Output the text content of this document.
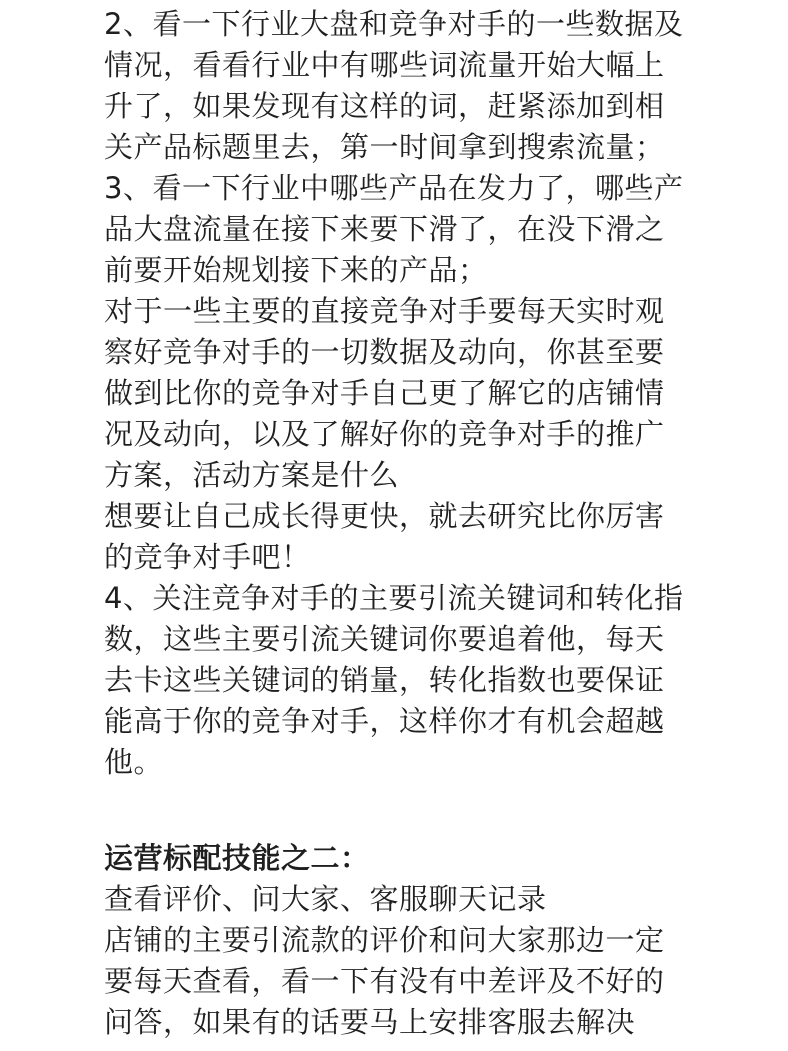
2、看一下行业大盘和竞争对手的一些数据及
情况，看看行业中有哪些词流量开始大幅上
升了，如果发现有这样的词，赶紧添加到相
关产品标题里去，第一时间拿到搜索流量；
3、看一下行业中哪些产品在发力了，哪些产
品大盘流量在接下来要下滑了，在没下滑之
前要开始规划接下来的产品；
对于一些主要的直接竞争对手要每天实时观
察好竞争对手的一切数据及动向，你甚至要
做到比你的竞争对手自己更了解它的店铺情
况及动向，以及了解好你的竞争对手的推广
方案，活动方案是什么
想要让自己成长得更快，就去研究比你厉害
的竞争对手吧！
4、关注竞争对手的主要引流关键词和转化指
数，这些主要引流关键词你要追着他，每天
去卡这些关键词的销量，转化指数也要保证
能高于你的竞争对手，这样你才有机会超越
他。
运营标配技能之二：
查看评价、问大家、客服聊天记录
店铺的主要引流款的评价和问大家那边一定
要每天查看，看一下有没有中差评及不好的
问答，如果有的话要马上安排客服去解决
